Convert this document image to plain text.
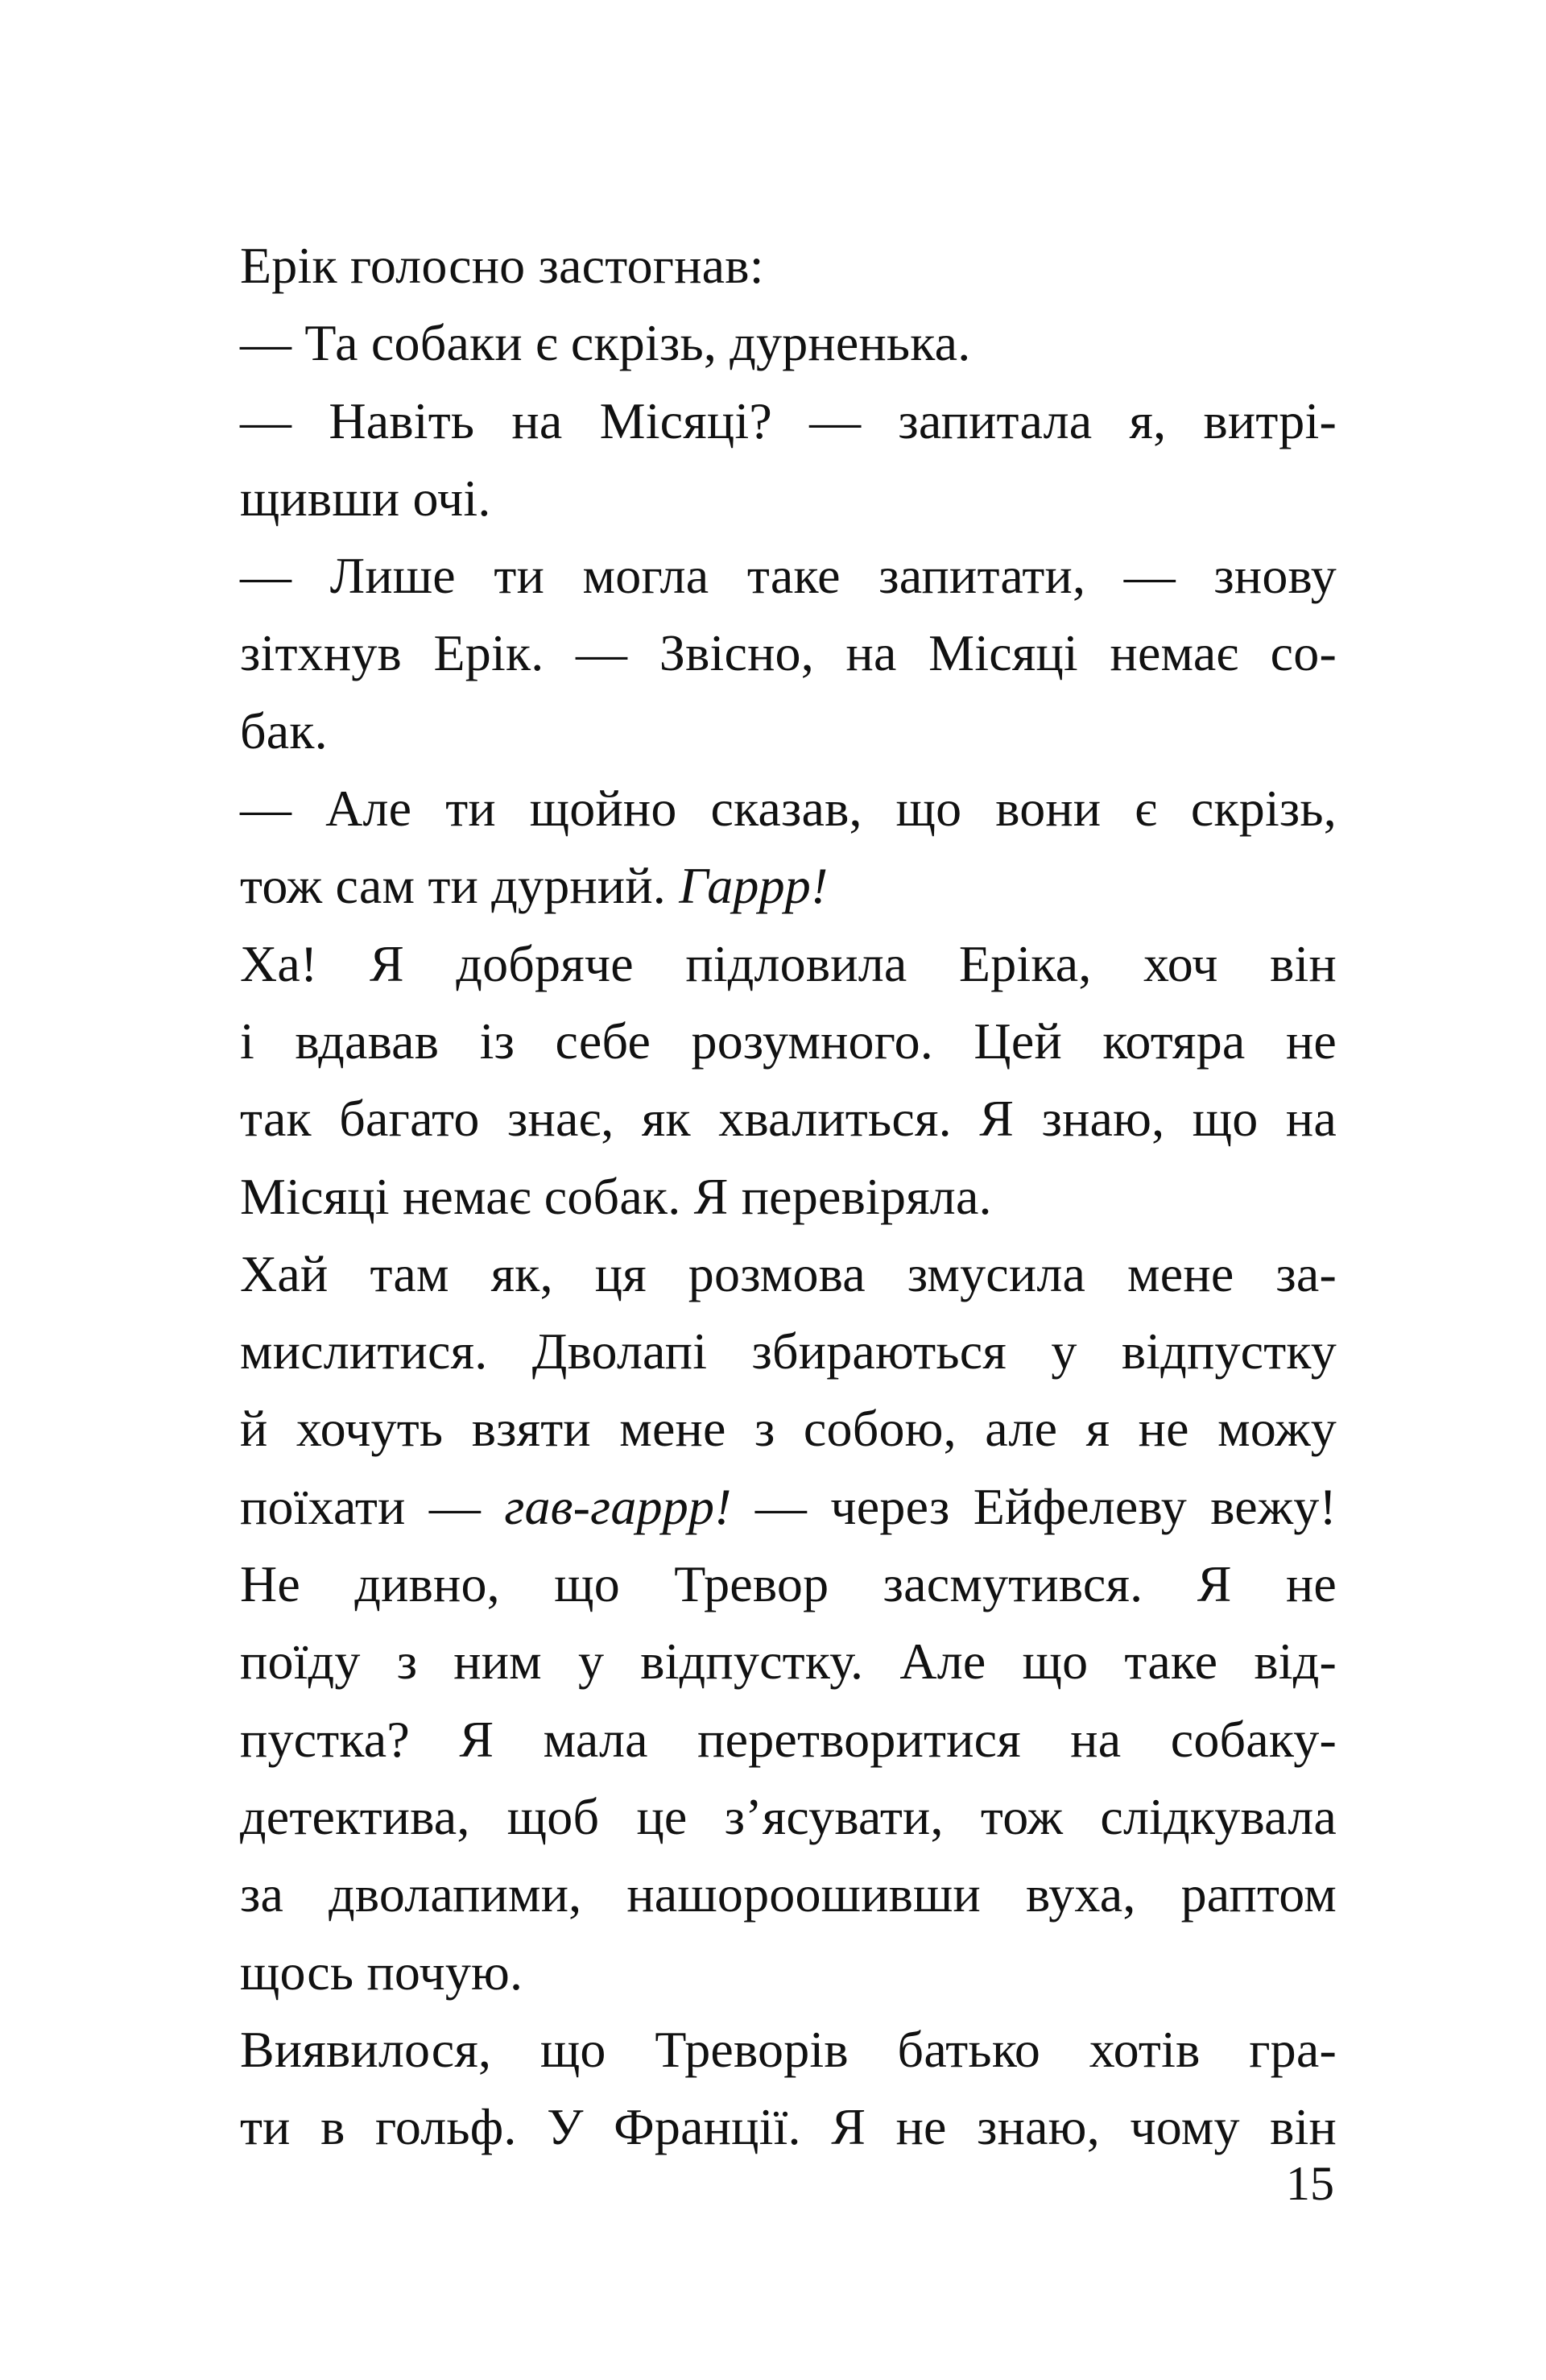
Ерік голосно застогнав:
— Та собаки є скрізь, дурненька.
— Навіть на Місяці? — запитала я, витрі-
щивши очі.
— Лише ти могла таке запитати, — знову
зітхнув Ерік. — Звісно, на Місяці немає со-
бак.
— Але ти щойно сказав, що вони є скрізь,
тож сам ти дурний. Гаррр!
Ха! Я добряче підловила Еріка, хоч він
і вдавав із себе розумного. Цей котяра не
так багато знає, як хвалиться. Я знаю, що на
Місяці немає собак. Я перевіряла.
Хай там як, ця розмова змусила мене за-
мислитися. Дволапі збираються у відпустку
й хочуть взяти мене з собою, але я не можу
поїхати — гав-гаррр! — через Ейфелеву вежу!
Не дивно, що Тревор засмутився. Я не
поїду з ним у відпустку. Але що таке від-
пустка? Я мала перетворитися на собаку-
детектива, щоб це з’ясувати, тож слідкувала
за дволапими, нашороошивши вуха, раптом
щось почую.
Виявилося, що Треворів батько хотів гра-
ти в гольф. У Франції. Я не знаю, чому він
15
